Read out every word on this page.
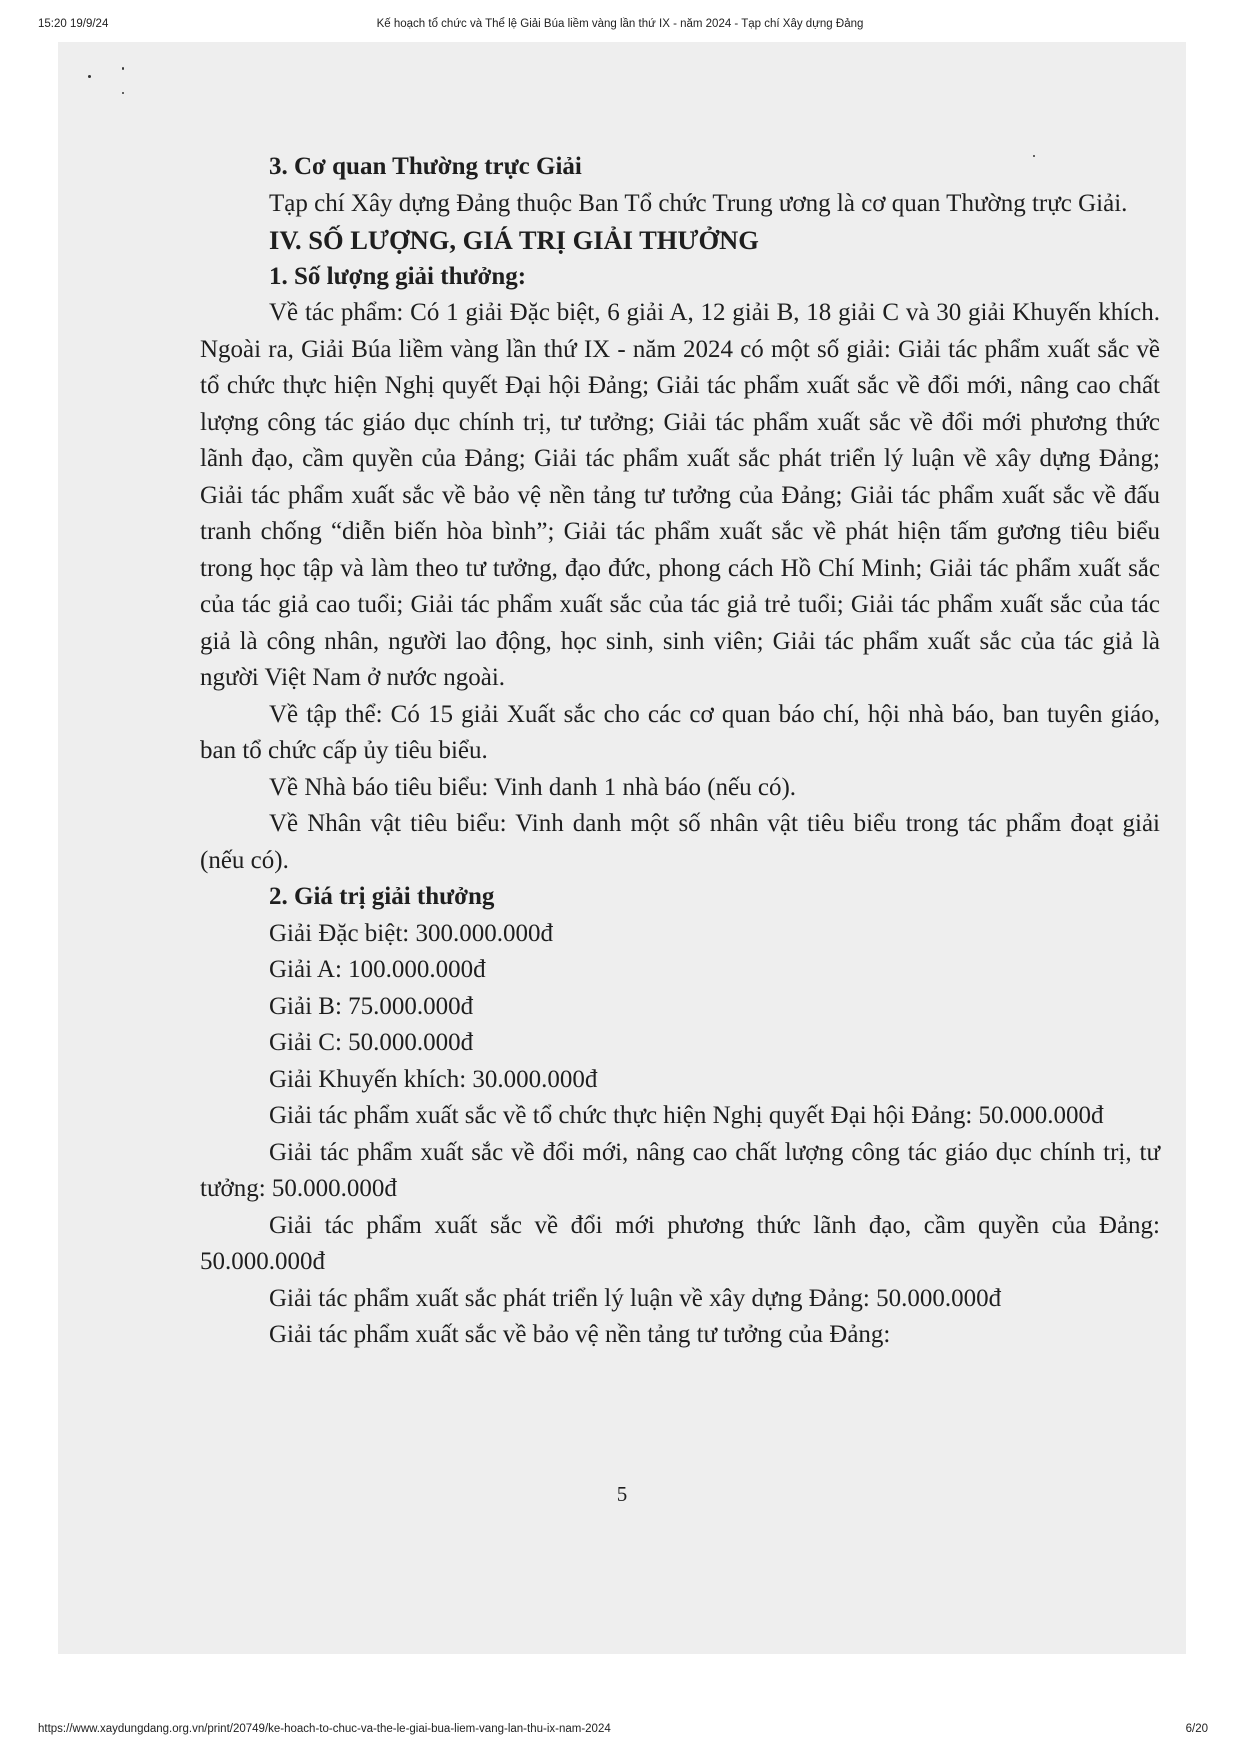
15:20 19/9/24	Kế hoạch tổ chức và Thể lệ Giải Búa liềm vàng lần thứ IX - năm 2024 - Tạp chí Xây dựng Đảng

3. Cơ quan Thường trực Giải

Tạp chí Xây dựng Đảng thuộc Ban Tổ chức Trung ương là cơ quan Thường trực Giải.

IV. SỐ LƯỢNG, GIÁ TRỊ GIẢI THƯỞNG

1. Số lượng giải thưởng:

Về tác phẩm: Có 1 giải Đặc biệt, 6 giải A, 12 giải B, 18 giải C và 30 giải Khuyến khích. Ngoài ra, Giải Búa liềm vàng lần thứ IX - năm 2024 có một số giải: Giải tác phẩm xuất sắc về tổ chức thực hiện Nghị quyết Đại hội Đảng; Giải tác phẩm xuất sắc về đổi mới, nâng cao chất lượng công tác giáo dục chính trị, tư tưởng; Giải tác phẩm xuất sắc về đổi mới phương thức lãnh đạo, cầm quyền của Đảng; Giải tác phẩm xuất sắc phát triển lý luận về xây dựng Đảng; Giải tác phẩm xuất sắc về bảo vệ nền tảng tư tưởng của Đảng; Giải tác phẩm xuất sắc về đấu tranh chống “diễn biến hòa bình”; Giải tác phẩm xuất sắc về phát hiện tấm gương tiêu biểu trong học tập và làm theo tư tưởng, đạo đức, phong cách Hồ Chí Minh; Giải tác phẩm xuất sắc của tác giả cao tuổi; Giải tác phẩm xuất sắc của tác giả trẻ tuổi; Giải tác phẩm xuất sắc của tác giả là công nhân, người lao động, học sinh, sinh viên; Giải tác phẩm xuất sắc của tác giả là người Việt Nam ở nước ngoài.

Về tập thể: Có 15 giải Xuất sắc cho các cơ quan báo chí, hội nhà báo, ban tuyên giáo, ban tổ chức cấp ủy tiêu biểu.

Về Nhà báo tiêu biểu: Vinh danh 1 nhà báo (nếu có).

Về Nhân vật tiêu biểu: Vinh danh một số nhân vật tiêu biểu trong tác phẩm đoạt giải (nếu có).

2. Giá trị giải thưởng

Giải Đặc biệt: 300.000.000đ

Giải A: 100.000.000đ

Giải B: 75.000.000đ

Giải C: 50.000.000đ

Giải Khuyến khích: 30.000.000đ

Giải tác phẩm xuất sắc về tổ chức thực hiện Nghị quyết Đại hội Đảng: 50.000.000đ

Giải tác phẩm xuất sắc về đổi mới, nâng cao chất lượng công tác giáo dục chính trị, tư tưởng: 50.000.000đ

Giải tác phẩm xuất sắc về đổi mới phương thức lãnh đạo, cầm quyền của Đảng: 50.000.000đ

Giải tác phẩm xuất sắc phát triển lý luận về xây dựng Đảng: 50.000.000đ

Giải tác phẩm xuất sắc về bảo vệ nền tảng tư tưởng của Đảng:

5
https://www.xaydungdang.org.vn/print/20749/ke-hoach-to-chuc-va-the-le-giai-bua-liem-vang-lan-thu-ix-nam-2024	6/20
